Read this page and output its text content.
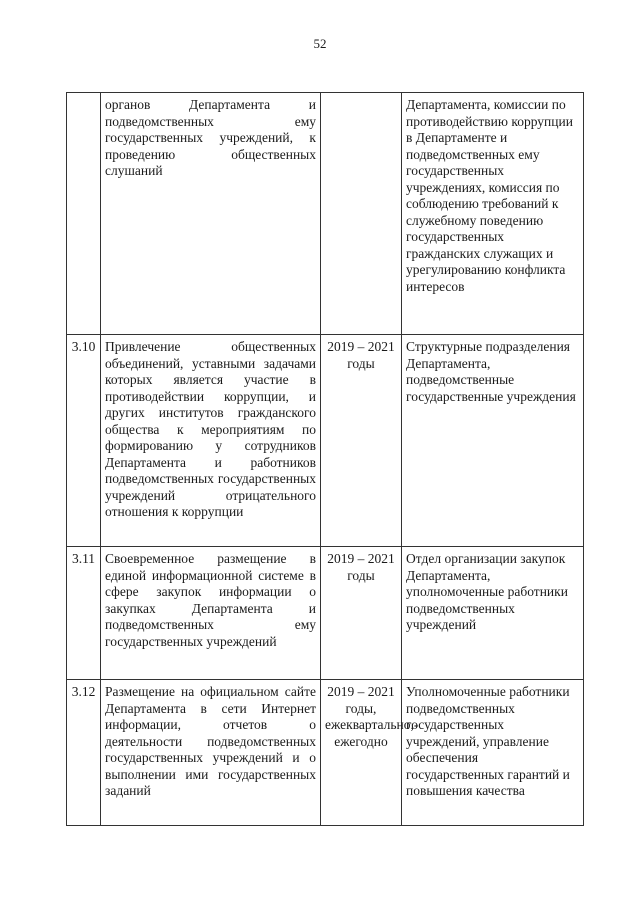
52
	органов Департамента и подведомственных ему государственных учреждений, к проведению общественных слушаний		Департамента, комиссии по противодействию коррупции в Департаменте и подведомственных ему государственных учреждениях, комиссия по соблюдению требований к служебному поведению государственных гражданских служащих и урегулированию конфликта интересов
3.10	Привлечение общественных объединений, уставными задачами которых является участие в противодействии коррупции, и других институтов гражданского общества к мероприятиям по формированию у сотрудников Департамента и работников подведомственных государственных учреждений отрицательного отношения к коррупции	2019 – 2021 годы	Структурные подразделения Департамента, подведомственные государственные учреждения
3.11	Своевременное размещение в единой информационной системе в сфере закупок информации о закупках Департамента и подведомственных ему государственных учреждений	2019 – 2021 годы	Отдел организации закупок Департамента, уполномоченные работники подведомственных учреждений
3.12	Размещение на официальном сайте Департамента в сети Интернет информации, отчетов о деятельности подведомственных государственных учреждений и о выполнении ими государственных заданий	2019 – 2021 годы, ежеквартально,- ежегодно	Уполномоченные работники подведомственных государственных учреждений, управление обеспечения государственных гарантий и повышения качества
